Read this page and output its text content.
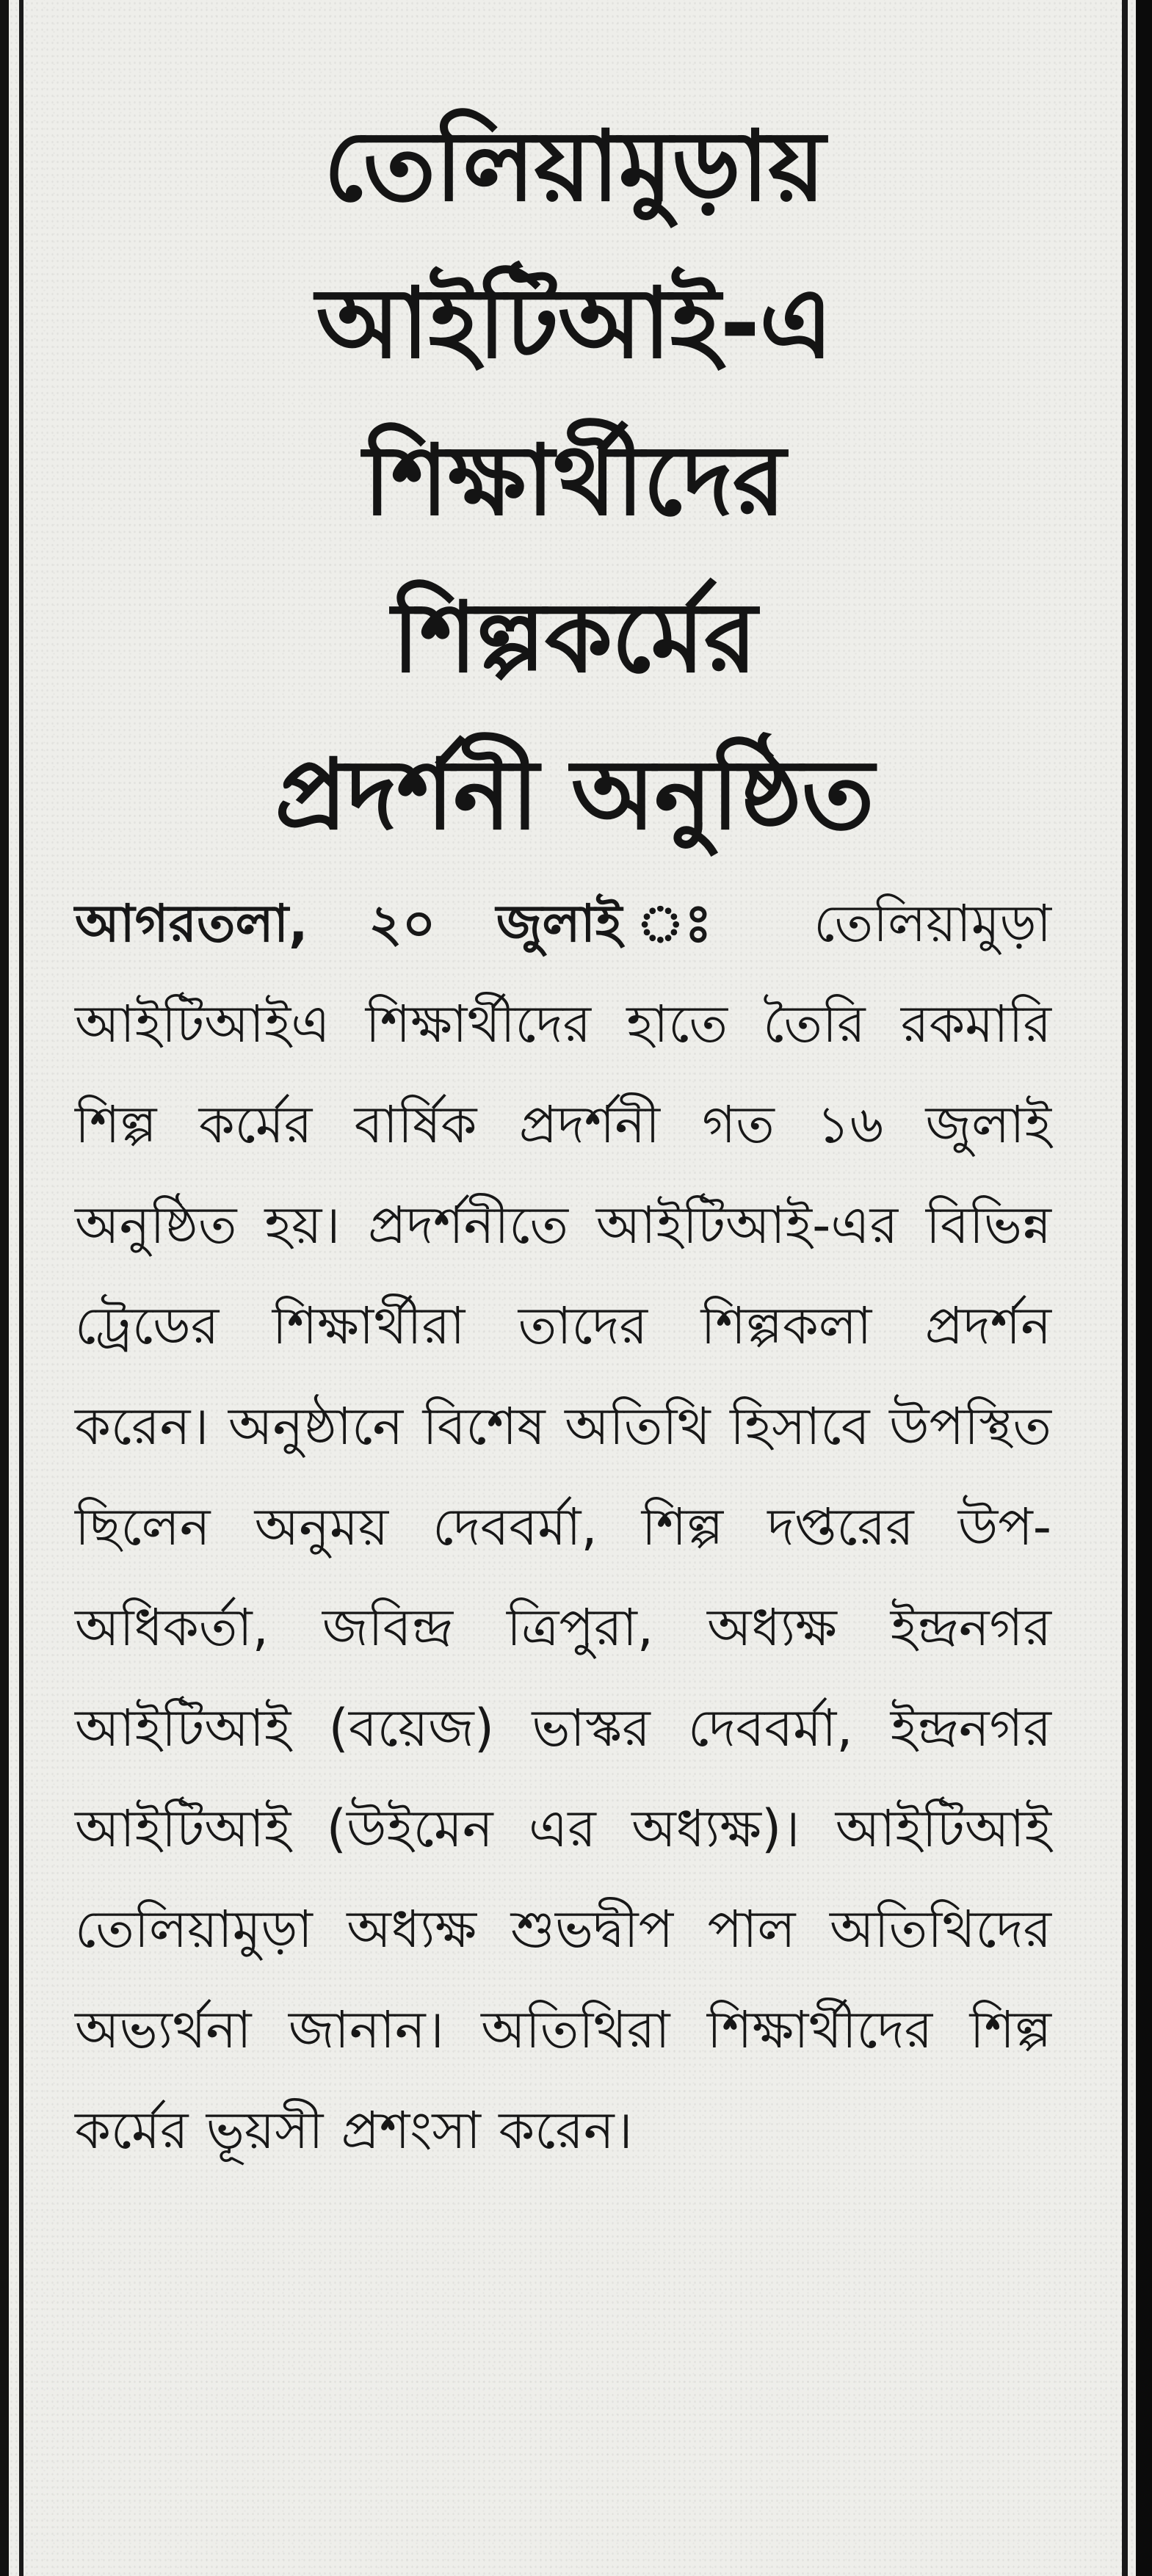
তেলিয়ামুড়ায়
আইটিআই-এ
শিক্ষার্থীদের
শিল্পকর্মের
প্রদর্শনী অনুষ্ঠিত

আগরতলা, ২০ জুলাই ঃ তেলিয়ামুড়া আইটিআইএ শিক্ষার্থীদের হাতে তৈরি রকমারি শিল্প কর্মের বার্ষিক প্রদর্শনী গত ১৬ জুলাই অনুষ্ঠিত হয়। প্রদর্শনীতে আইটিআই-এর বিভিন্ন ট্রেডের শিক্ষার্থীরা তাদের শিল্পকলা প্রদর্শন করেন। অনুষ্ঠানে বিশেষ অতিথি হিসাবে উপস্থিত ছিলেন অনুময় দেববর্মা, শিল্প দপ্তরের উপ-অধিকর্তা, জবিন্দ্র ত্রিপুরা, অধ্যক্ষ ইন্দ্রনগর আইটিআই (বয়েজ) ভাস্কর দেববর্মা, ইন্দ্রনগর আইটিআই (উইমেন এর অধ্যক্ষ)। আইটিআই তেলিয়ামুড়া অধ্যক্ষ শুভদ্বীপ পাল অতিথিদের অভ্যর্থনা জানান। অতিথিরা শিক্ষার্থীদের শিল্প কর্মের ভূয়সী প্রশংসা করেন।
